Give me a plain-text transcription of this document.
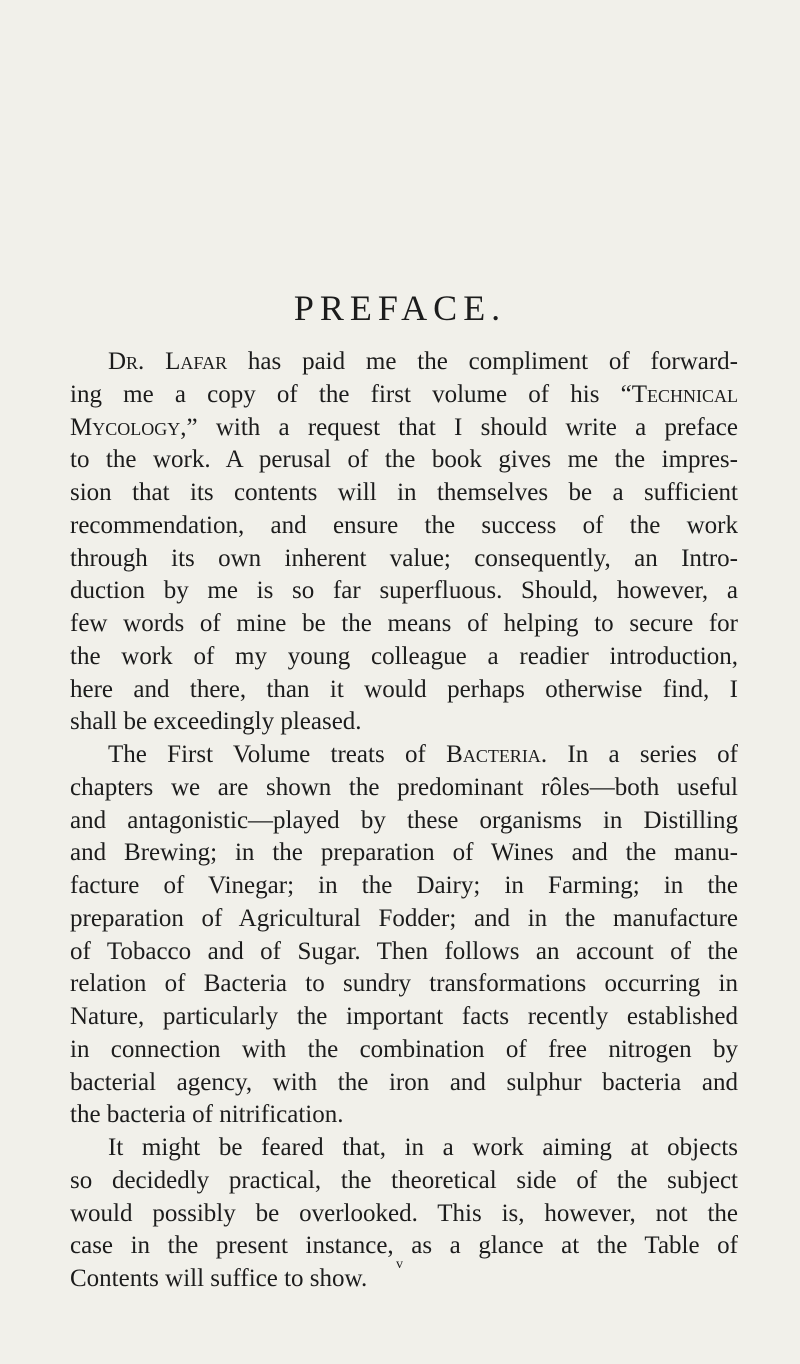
PREFACE.
Dr. Lafar has paid me the compliment of forward-
ing me a copy of the first volume of his “Technical
Mycology,” with a request that I should write a preface
to the work. A perusal of the book gives me the impres-
sion that its contents will in themselves be a sufficient
recommendation, and ensure the success of the work
through its own inherent value; consequently, an Intro-
duction by me is so far superfluous. Should, however, a
few words of mine be the means of helping to secure for
the work of my young colleague a readier introduction,
here and there, than it would perhaps otherwise find, I
shall be exceedingly pleased.
The First Volume treats of Bacteria. In a series of
chapters we are shown the predominant rôles—both useful
and antagonistic—played by these organisms in Distilling
and Brewing; in the preparation of Wines and the manu-
facture of Vinegar; in the Dairy; in Farming; in the
preparation of Agricultural Fodder; and in the manufacture
of Tobacco and of Sugar. Then follows an account of the
relation of Bacteria to sundry transformations occurring in
Nature, particularly the important facts recently established
in connection with the combination of free nitrogen by
bacterial agency, with the iron and sulphur bacteria and
the bacteria of nitrification.
It might be feared that, in a work aiming at objects
so decidedly practical, the theoretical side of the subject
would possibly be overlooked. This is, however, not the
case in the present instance, as a glance at the Table of
Contents will suffice to show.
v
